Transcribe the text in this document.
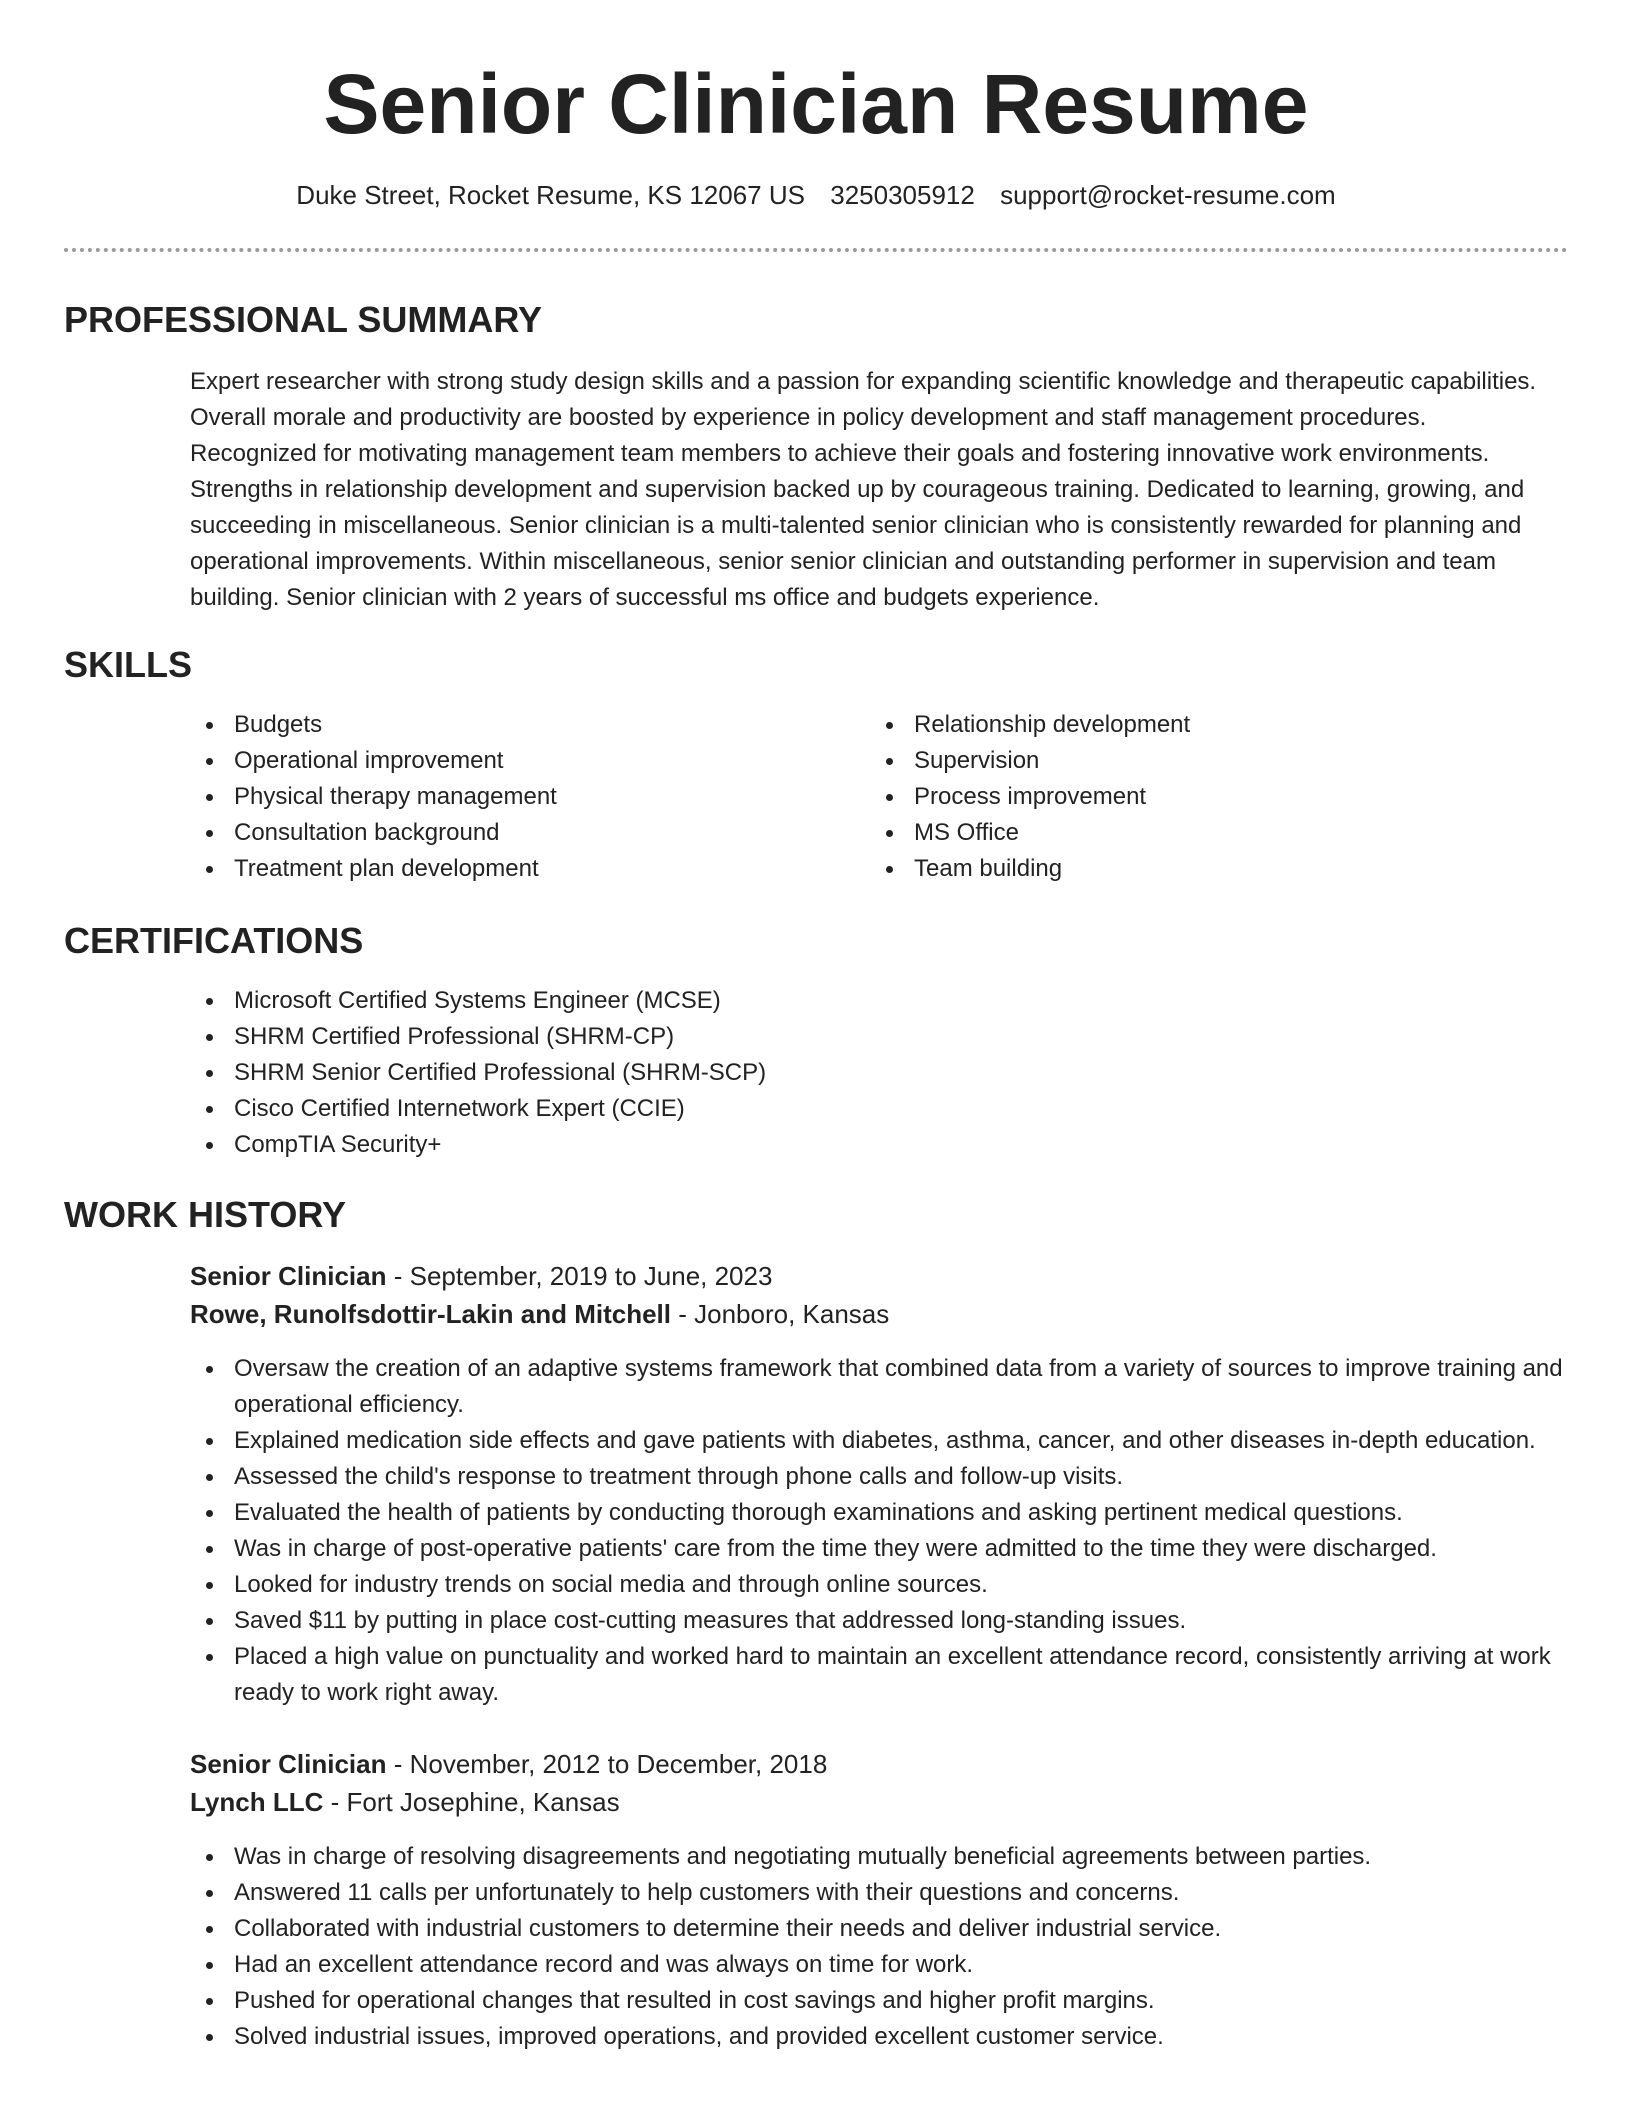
Senior Clinician Resume
Duke Street, Rocket Resume, KS 12067 US 3250305912 support@rocket-resume.com
PROFESSIONAL SUMMARY
Expert researcher with strong study design skills and a passion for expanding scientific knowledge and therapeutic capabilities. Overall morale and productivity are boosted by experience in policy development and staff management procedures. Recognized for motivating management team members to achieve their goals and fostering innovative work environments. Strengths in relationship development and supervision backed up by courageous training. Dedicated to learning, growing, and succeeding in miscellaneous. Senior clinician is a multi-talented senior clinician who is consistently rewarded for planning and operational improvements. Within miscellaneous, senior senior clinician and outstanding performer in supervision and team building. Senior clinician with 2 years of successful ms office and budgets experience.
SKILLS
Budgets
Operational improvement
Physical therapy management
Consultation background
Treatment plan development
Relationship development
Supervision
Process improvement
MS Office
Team building
CERTIFICATIONS
Microsoft Certified Systems Engineer (MCSE)
SHRM Certified Professional (SHRM-CP)
SHRM Senior Certified Professional (SHRM-SCP)
Cisco Certified Internetwork Expert (CCIE)
CompTIA Security+
WORK HISTORY
Senior Clinician - September, 2019 to June, 2023
Rowe, Runolfsdottir-Lakin and Mitchell - Jonboro, Kansas
Oversaw the creation of an adaptive systems framework that combined data from a variety of sources to improve training and operational efficiency.
Explained medication side effects and gave patients with diabetes, asthma, cancer, and other diseases in-depth education.
Assessed the child's response to treatment through phone calls and follow-up visits.
Evaluated the health of patients by conducting thorough examinations and asking pertinent medical questions.
Was in charge of post-operative patients' care from the time they were admitted to the time they were discharged.
Looked for industry trends on social media and through online sources.
Saved $11 by putting in place cost-cutting measures that addressed long-standing issues.
Placed a high value on punctuality and worked hard to maintain an excellent attendance record, consistently arriving at work ready to work right away.
Senior Clinician - November, 2012 to December, 2018
Lynch LLC - Fort Josephine, Kansas
Was in charge of resolving disagreements and negotiating mutually beneficial agreements between parties.
Answered 11 calls per unfortunately to help customers with their questions and concerns.
Collaborated with industrial customers to determine their needs and deliver industrial service.
Had an excellent attendance record and was always on time for work.
Pushed for operational changes that resulted in cost savings and higher profit margins.
Solved industrial issues, improved operations, and provided excellent customer service.
